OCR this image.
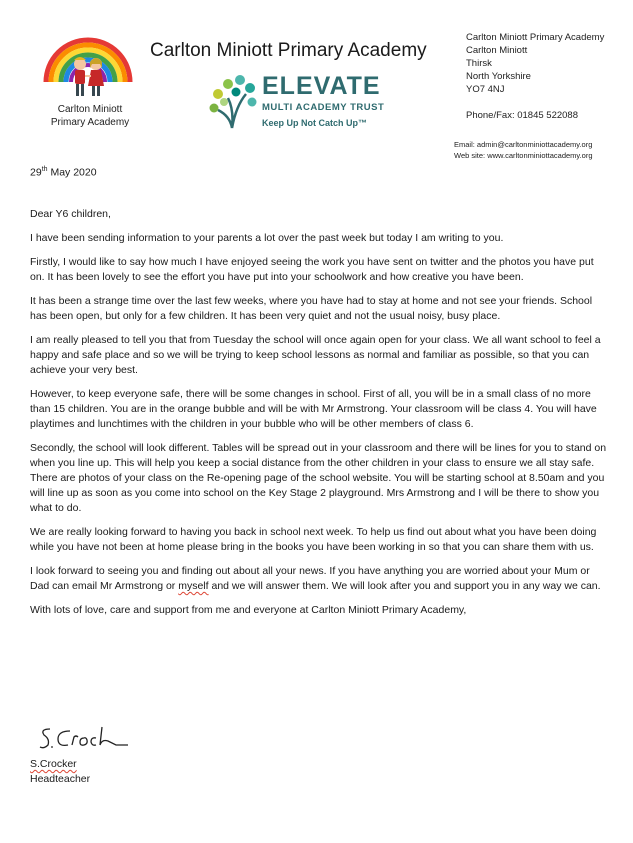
Carlton Miniott
Primary Academy
Carlton Miniott Primary Academy
ELEVATE
MULTI ACADEMY TRUST
Keep Up Not Catch Up™
Carlton Miniott Primary Academy
Carlton Miniott
Thirsk
North Yorkshire
YO7 4NJ
Phone/Fax: 01845 522088
Email: admin@carltonminiottacademy.org
Web site: www.carltonminiottacademy.org
29th May 2020

Dear Y6 children,

I have been sending information to your parents a lot over the past week but today I am writing to you.

Firstly, I would like to say how much I have enjoyed seeing the work you have sent on twitter and the photos you have put on. It has been lovely to see the effort you have put into your schoolwork and how creative you have been.

It has been a strange time over the last few weeks, where you have had to stay at home and not see your friends. School has been open, but only for a few children. It has been very quiet and not the usual noisy, busy place.

I am really pleased to tell you that from Tuesday the school will once again open for your class. We all want school to feel a happy and safe place and so we will be trying to keep school lessons as normal and familiar as possible, so that you can achieve your very best.

However, to keep everyone safe, there will be some changes in school. First of all, you will be in a small class of no more than 15 children. You are in the orange bubble and will be with Mr Armstrong. Your classroom will be class 4. You will have playtimes and lunchtimes with the children in your bubble who will be other members of class 6.

Secondly, the school will look different. Tables will be spread out in your classroom and there will be lines for you to stand on when you line up. This will help you keep a social distance from the other children in your class to ensure we all stay safe. There are photos of your class on the Re-opening page of the school website. You will be starting school at 8.50am and you will line up as soon as you come into school on the Key Stage 2 playground. Mrs Armstrong and I will be there to show you what to do.

We are really looking forward to having you back in school next week. To help us find out about what you have been doing while you have not been at home please bring in the books you have been working in so that you can share them with us.

I look forward to seeing you and finding out about all your news. If you have anything you are worried about your Mum or Dad can email Mr Armstrong or myself and we will answer them. We will look after you and support you in any way we can.

With lots of love, care and support from me and everyone at Carlton Miniott Primary Academy,

S.Crocker
Headteacher
